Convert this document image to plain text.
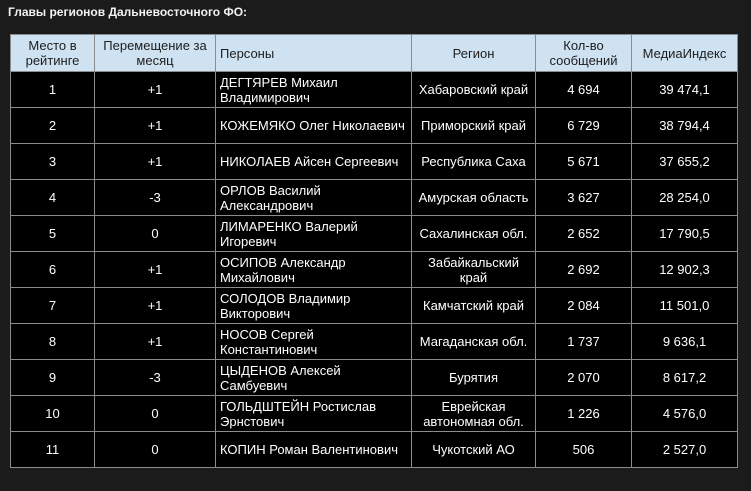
Главы регионов Дальневосточного ФО:
Место в рейтинге	Перемещение за месяц	Персоны	Регион	Кол-во сообщений	МедиаИндекс
1	+1	ДЕГТЯРЕВ Михаил Владимирович	Хабаровский край	4 694	39 474,1
2	+1	КОЖЕМЯКО Олег Николаевич	Приморский край	6 729	38 794,4
3	+1	НИКОЛАЕВ Айсен Сергеевич	Республика Саха	5 671	37 655,2
4	-3	ОРЛОВ Василий Александрович	Амурская область	3 627	28 254,0
5	0	ЛИМАРЕНКО Валерий Игоревич	Сахалинская обл.	2 652	17 790,5
6	+1	ОСИПОВ Александр Михайлович	Забайкальский край	2 692	12 902,3
7	+1	СОЛОДОВ Владимир Викторович	Камчатский край	2 084	11 501,0
8	+1	НОСОВ Сергей Константинович	Магаданская обл.	1 737	9 636,1
9	-3	ЦЫДЕНОВ Алексей Самбуевич	Бурятия	2 070	8 617,2
10	0	ГОЛЬДШТЕЙН Ростислав Эрнстович	Еврейская автономная обл.	1 226	4 576,0
11	0	КОПИН Роман Валентинович	Чукотский АО	506	2 527,0
